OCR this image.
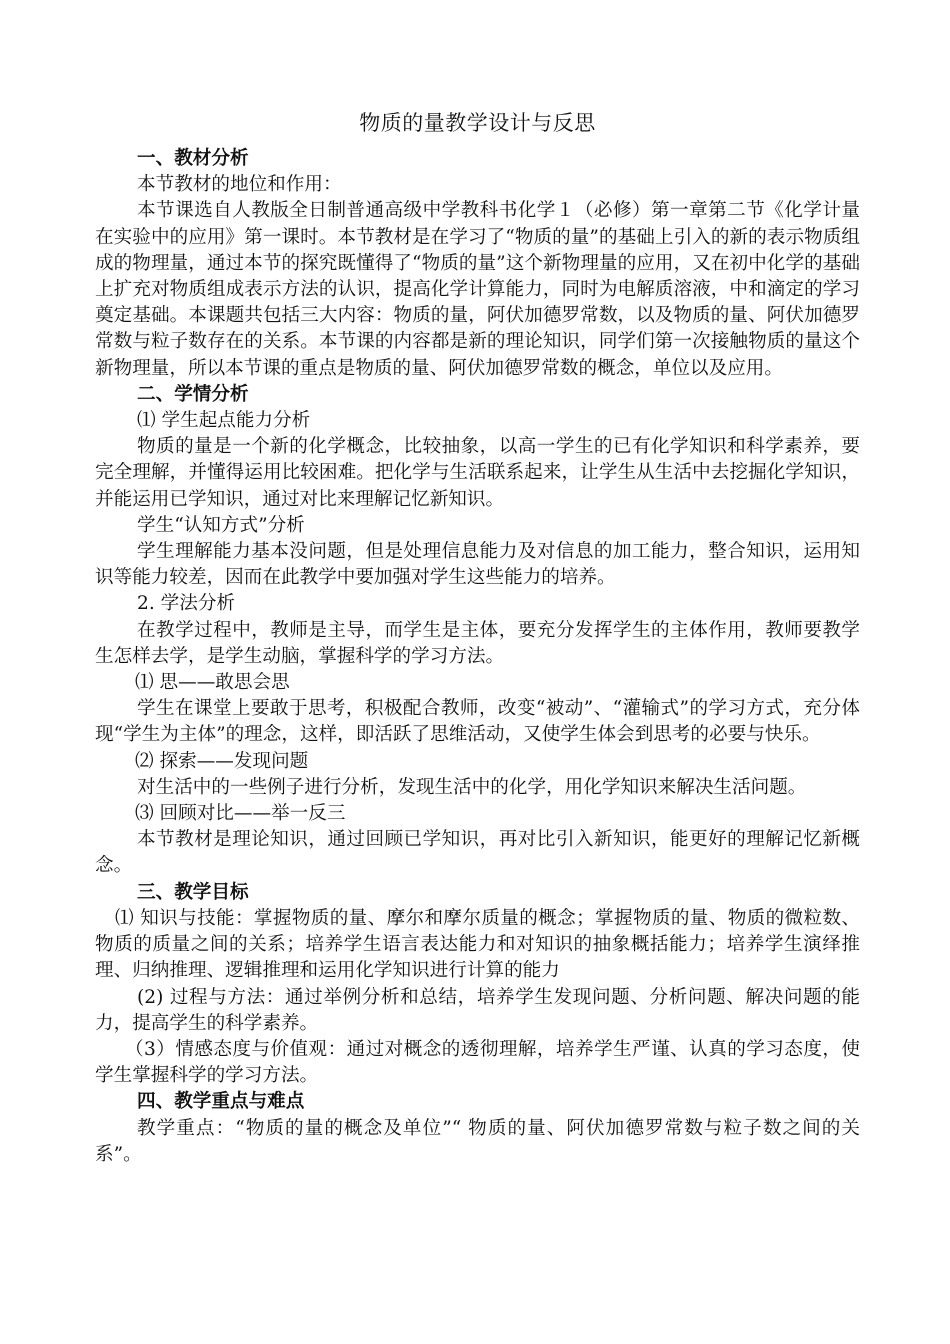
物质的量教学设计与反思
一、教材分析

本节教材的地位和作用：

本节课选自人教版全日制普通高级中学教科书化学１（必修）第一章第二节《化学计量在实验中的应用》第一课时。本节教材是在学习了“物质的量”的基础上引入的新的表示物质组成的物理量，通过本节的探究既懂得了“物质的量”这个新物理量的应用，又在初中化学的基础上扩充对物质组成表示方法的认识，提高化学计算能力，同时为电解质溶液，中和滴定的学习奠定基础。本课题共包括三大内容：物质的量，阿伏加德罗常数，以及物质的量、阿伏加德罗常数与粒子数存在的关系。本节课的内容都是新的理论知识，同学们第一次接触物质的量这个新物理量，所以本节课的重点是物质的量、阿伏加德罗常数的概念，单位以及应用。

二、学情分析

⑴ 学生起点能力分析

物质的量是一个新的化学概念，比较抽象，以高一学生的已有化学知识和科学素养，要完全理解，并懂得运用比较困难。把化学与生活联系起来，让学生从生活中去挖掘化学知识，并能运用已学知识，通过对比来理解记忆新知识。

学生“认知方式”分析

学生理解能力基本没问题，但是处理信息能力及对信息的加工能力，整合知识，运用知识等能力较差，因而在此教学中要加强对学生这些能力的培养。

2. 学法分析

在教学过程中，教师是主导，而学生是主体，要充分发挥学生的主体作用，教师要教学生怎样去学，是学生动脑，掌握科学的学习方法。

⑴ 思——敢思会思

学生在课堂上要敢于思考，积极配合教师，改变“被动”、“灌输式”的学习方式，充分体现“学生为主体”的理念，这样，即活跃了思维活动，又使学生体会到思考的必要与快乐。

⑵ 探索——发现问题

对生活中的一些例子进行分析，发现生活中的化学，用化学知识来解决生活问题。

⑶ 回顾对比——举一反三

本节教材是理论知识，通过回顾已学知识，再对比引入新知识，能更好的理解记忆新概念。

三、教学目标

⑴ 知识与技能：掌握物质的量、摩尔和摩尔质量的概念；掌握物质的量、物质的微粒数、物质的质量之间的关系；培养学生语言表达能力和对知识的抽象概括能力；培养学生演绎推理、归纳推理、逻辑推理和运用化学知识进行计算的能力

(2) 过程与方法：通过举例分析和总结，培养学生发现问题、分析问题、解决问题的能力，提高学生的科学素养。

（3）情感态度与价值观：通过对概念的透彻理解，培养学生严谨、认真的学习态度，使学生掌握科学的学习方法。

四、教学重点与难点

教学重点：“物质的量的概念及单位”“ 物质的量、阿伏加德罗常数与粒子数之间的关系”。
